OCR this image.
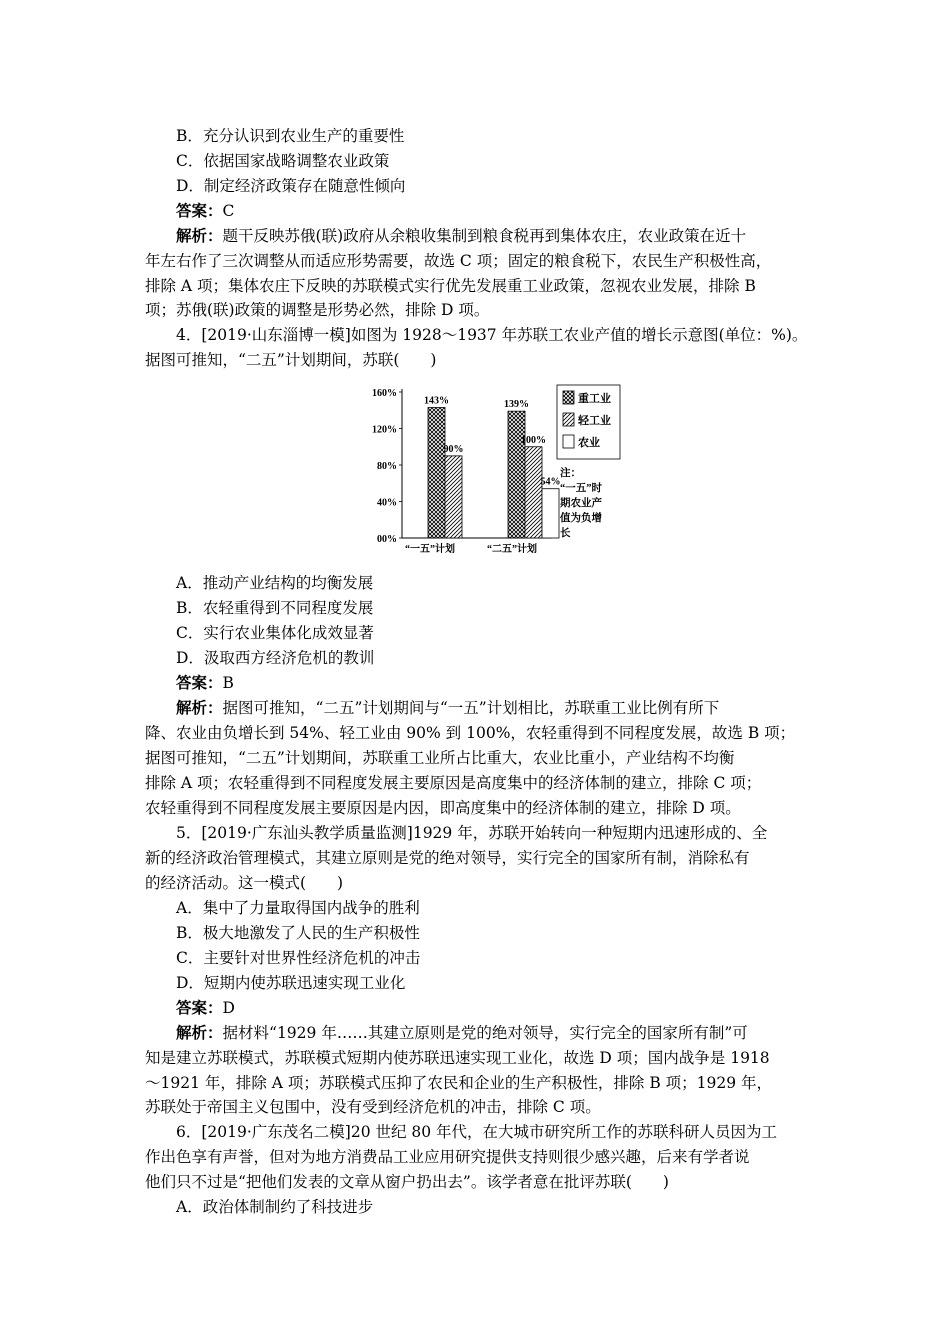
B．充分认识到农业生产的重要性
C．依据国家战略调整农业政策
D．制定经济政策存在随意性倾向
答案：C
解析：题干反映苏俄(联)政府从余粮收集制到粮食税再到集体农庄，农业政策在近十
年左右作了三次调整从而适应形势需要，故选 C 项；固定的粮食税下，农民生产积极性高，
排除 A 项；集体农庄下反映的苏联模式实行优先发展重工业政策，忽视农业发展，排除 B
项；苏俄(联)政策的调整是形势必然，排除 D 项。
4．[2019·山东淄博一模]如图为 1928～1937 年苏联工农业产值的增长示意图(单位：%)。
据图可推知，“二五”计划期间，苏联(　　)
00%
40%
80%
120%
160%
143%
90%
139%
100%
54%
“一五”计划	“二五”计划
重工业
轻工业
农业
注：
“一五”时
期农业产
值为负增
长
A．推动产业结构的均衡发展
B．农轻重得到不同程度发展
C．实行农业集体化成效显著
D．汲取西方经济危机的教训
答案：B
解析：据图可推知，“二五”计划期间与“一五”计划相比，苏联重工业比例有所下
降、农业由负增长到 54%、轻工业由 90% 到 100%，农轻重得到不同程度发展，故选 B 项；
据图可推知，“二五”计划期间，苏联重工业所占比重大，农业比重小，产业结构不均衡
排除 A 项；农轻重得到不同程度发展主要原因是高度集中的经济体制的建立，排除 C 项；
农轻重得到不同程度发展主要原因是内因，即高度集中的经济体制的建立，排除 D 项。
5．[2019·广东汕头教学质量监测]1929 年，苏联开始转向一种短期内迅速形成的、全
新的经济政治管理模式，其建立原则是党的绝对领导，实行完全的国家所有制，消除私有
的经济活动。这一模式(　　)
A．集中了力量取得国内战争的胜利
B．极大地激发了人民的生产积极性
C．主要针对世界性经济危机的冲击
D．短期内使苏联迅速实现工业化
答案：D
解析：据材料“1929 年……其建立原则是党的绝对领导，实行完全的国家所有制”可
知是建立苏联模式，苏联模式短期内使苏联迅速实现工业化，故选 D 项；国内战争是 1918
～1921 年，排除 A 项；苏联模式压抑了农民和企业的生产积极性，排除 B 项；1929 年，
苏联处于帝国主义包围中，没有受到经济危机的冲击，排除 C 项。
6．[2019·广东茂名二模]20 世纪 80 年代，在大城市研究所工作的苏联科研人员因为工
作出色享有声誉，但对为地方消费品工业应用研究提供支持则很少感兴趣，后来有学者说
他们只不过是“把他们发表的文章从窗户扔出去”。该学者意在批评苏联(　　)
A．政治体制制约了科技进步
